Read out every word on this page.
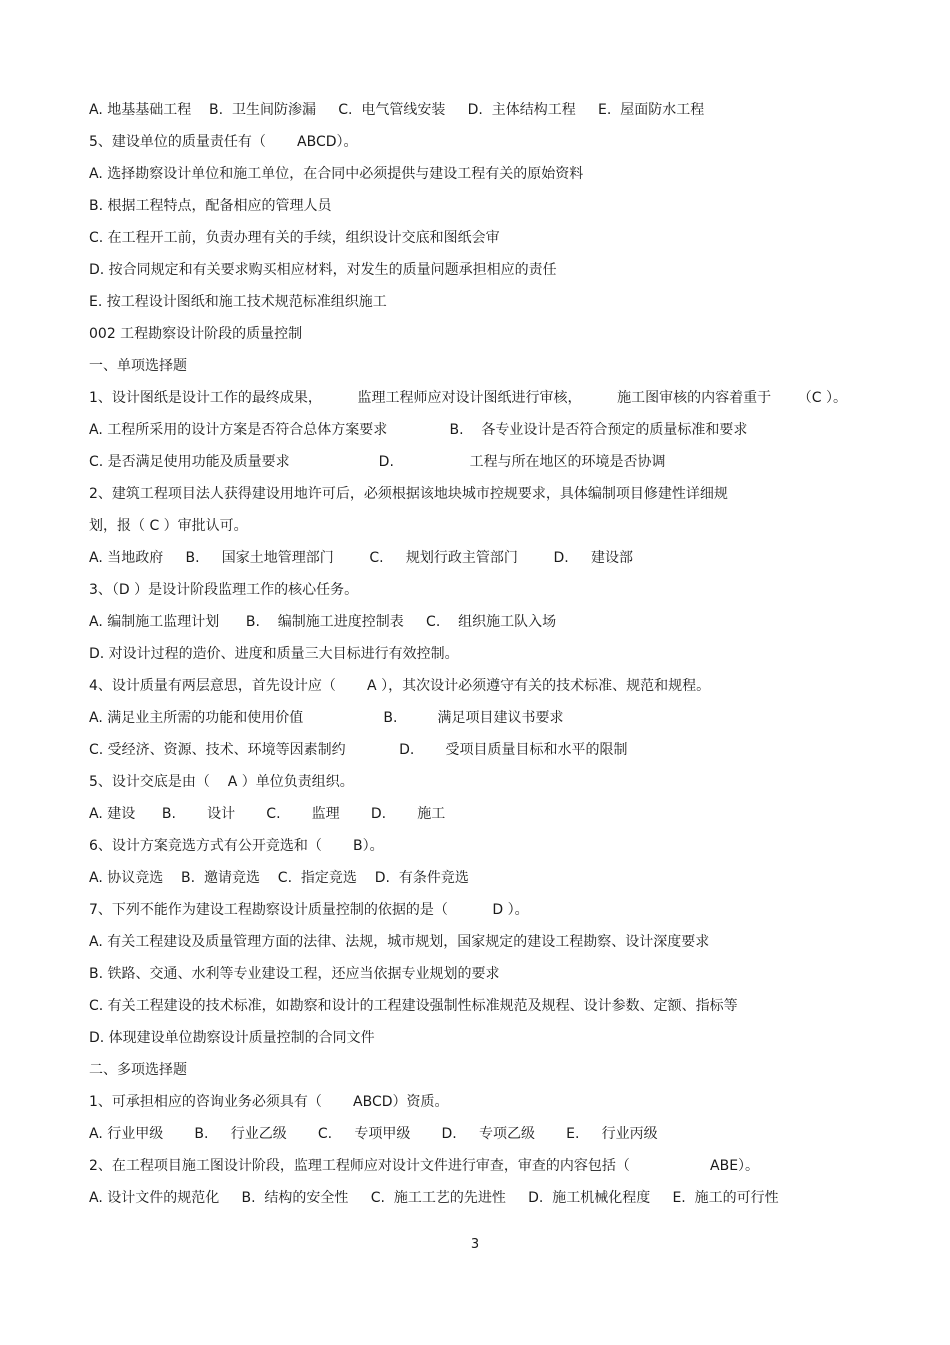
A. 地基基础工程    B.  卫生间防渗漏     C.  电气管线安装     D.  主体结构工程     E.  屋面防水工程
5、建设单位的质量责任有（       ABCD）。
A. 选择勘察设计单位和施工单位，在合同中必须提供与建设工程有关的原始资料
B. 根据工程特点，配备相应的管理人员
C. 在工程开工前，负责办理有关的手续，组织设计交底和图纸会审
D. 按合同规定和有关要求购买相应材料，对发生的质量问题承担相应的责任
E. 按工程设计图纸和施工技术规范标准组织施工
002 工程勘察设计阶段的质量控制
一、单项选择题
1、设计图纸是设计工作的最终成果，        监理工程师应对设计图纸进行审核，        施工图审核的内容着重于      （C ）。
A. 工程所采用的设计方案是否符合总体方案要求              B.    各专业设计是否符合预定的质量标准和要求
C. 是否满足使用功能及质量要求                    D.                 工程与所在地区的环境是否协调
2、建筑工程项目法人获得建设用地许可后，必须根据该地块城市控规要求，具体编制项目修建性详细规
划，报（ C ）审批认可。
A. 当地政府     B.     国家土地管理部门        C.     规划行政主管部门        D.     建设部
3、（D ）是设计阶段监理工作的核心任务。
A. 编制施工监理计划      B.    编制施工进度控制表     C.    组织施工队入场
D. 对设计过程的造价、进度和质量三大目标进行有效控制。
4、设计质量有两层意思，首先设计应（       A ），其次设计必须遵守有关的技术标准、规范和规程。
A. 满足业主所需的功能和使用价值                  B.         满足项目建议书要求
C. 受经济、资源、技术、环境等因素制约            D.       受项目质量目标和水平的限制
5、设计交底是由（    A ）单位负责组织。
A. 建设      B.       设计       C.       监理       D.       施工
6、设计方案竞选方式有公开竞选和（       B）。
A. 协议竞选    B.  邀请竞选    C.  指定竞选    D.  有条件竞选
7、下列不能作为建设工程勘察设计质量控制的依据的是（          D ）。
A. 有关工程建设及质量管理方面的法律、法规，城市规划，国家规定的建设工程勘察、设计深度要求
B. 铁路、交通、水利等专业建设工程，还应当依据专业规划的要求
C. 有关工程建设的技术标准，如勘察和设计的工程建设强制性标准规范及规程、设计参数、定额、指标等
D. 体现建设单位勘察设计质量控制的合同文件
二、多项选择题
1、可承担相应的咨询业务必须具有（       ABCD）资质。
A. 行业甲级       B.     行业乙级       C.     专项甲级       D.     专项乙级       E.     行业丙级
2、在工程项目施工图设计阶段，监理工程师应对设计文件进行审查，审查的内容包括（                  ABE）。
A. 设计文件的规范化     B.  结构的安全性     C.  施工工艺的先进性     D.  施工机械化程度     E.  施工的可行性
3
